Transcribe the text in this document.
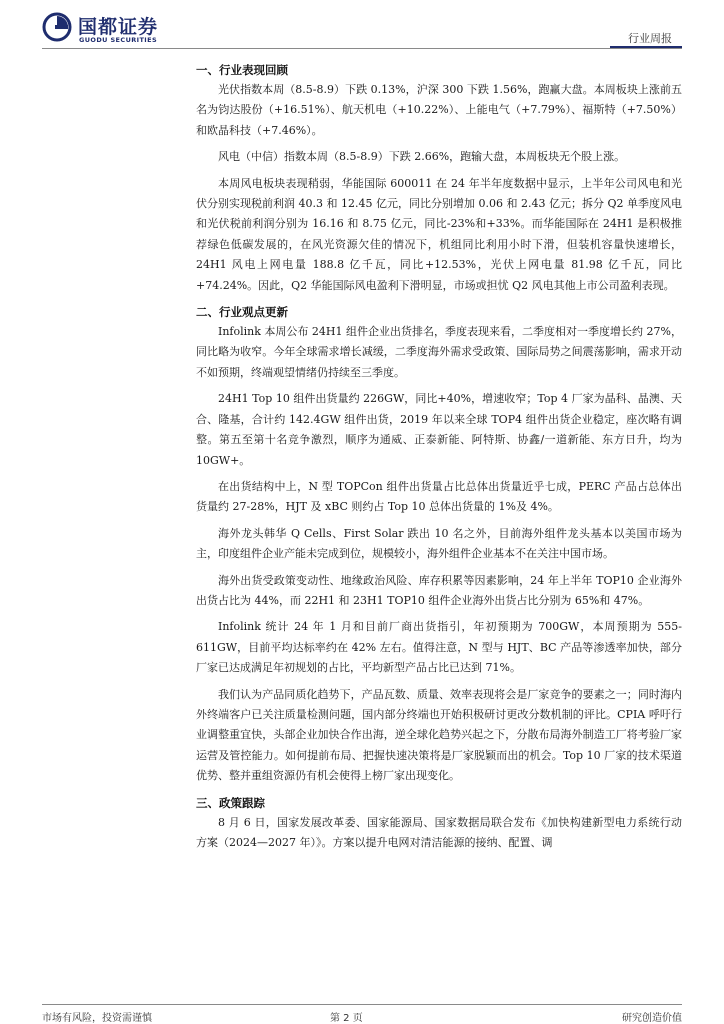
国都证券
GUODU SECURITIES	行业周报
一、行业表现回顾

光伏指数本周（8.5-8.9）下跌 0.13%，沪深 300 下跌 1.56%，跑赢大盘。本周板块上涨前五名为钧达股份（+16.51%）、航天机电（+10.22%）、上能电气（+7.79%）、福斯特（+7.50%）和欧晶科技（+7.46%）。

风电（中信）指数本周（8.5-8.9）下跌 2.66%，跑输大盘，本周板块无个股上涨。

本周风电板块表现稍弱，华能国际 600011 在 24 年半年度数据中显示，上半年公司风电和光伏分别实现税前利润 40.3 和 12.45 亿元，同比分别增加 0.06 和 2.43 亿元；拆分 Q2 单季度风电和光伏税前利润分别为 16.16 和 8.75 亿元，同比-23%和+33%。而华能国际在 24H1 是积极推荐绿色低碳发展的，在风光资源欠佳的情况下，机组同比利用小时下滑，但装机容量快速增长，24H1 风电上网电量 188.8 亿千瓦，同比+12.53%，光伏上网电量 81.98 亿千瓦，同比+74.24%。因此，Q2 华能国际风电盈利下滑明显，市场或担忧 Q2 风电其他上市公司盈利表现。

二、行业观点更新

Infolink 本周公布 24H1 组件企业出货排名，季度表现来看，二季度相对一季度增长约 27%，同比略为收窄。今年全球需求增长减缓，二季度海外需求受政策、国际局势之间震荡影响，需求开动不如预期，终端观望情绪仍持续至三季度。

24H1 Top 10 组件出货量约 226GW，同比+40%，增速收窄；Top 4 厂家为晶科、晶澳、天合、隆基，合计约 142.4GW 组件出货，2019 年以来全球 TOP4 组件出货企业稳定，座次略有调整。第五至第十名竞争激烈，顺序为通威、正泰新能、阿特斯、协鑫/一道新能、东方日升，均为 10GW+。

在出货结构中上，N 型 TOPCon 组件出货量占比总体出货量近乎七成，PERC 产品占总体出货量约 27-28%，HJT 及 xBC 则约占 Top 10 总体出货量的 1%及 4%。

海外龙头韩华 Q Cells、First Solar 跌出 10 名之外，目前海外组件龙头基本以美国市场为主，印度组件企业产能未完成到位，规模较小，海外组件企业基本不在关注中国市场。

海外出货受政策变动性、地缘政治风险、库存积累等因素影响，24 年上半年 TOP10 企业海外出货占比为 44%，而 22H1 和 23H1 TOP10 组件企业海外出货占比分别为 65%和 47%。

Infolink 统计 24 年 1 月和目前厂商出货指引，年初预期为 700GW，本周预期为 555-611GW，目前平均达标率约在 42% 左右。值得注意，N 型与 HJT、BC 产品等渗透率加快，部分厂家已达成满足年初规划的占比，平均新型产品占比已达到 71%。

我们认为产品同质化趋势下，产品瓦数、质量、效率表现将会是厂家竞争的要素之一；同时海内外终端客户已关注质量检测问题，国内部分终端也开始积极研讨更改分数机制的评比。CPIA 呼吁行业调整重宜快，头部企业加快合作出海，逆全球化趋势兴起之下，分散布局海外制造工厂将考验厂家运营及管控能力。如何提前布局、把握快速决策将是厂家脱颖而出的机会。Top 10 厂家的技术渠道优势、整并重组资源仍有机会使得上榜厂家出现变化。

三、政策跟踪

8 月 6 日，国家发展改革委、国家能源局、国家数据局联合发布《加快构建新型电力系统行动方案（2024—2027 年）》。方案以提升电网对清洁能源的接纳、配置、调

市场有风险，投资需谨慎	第 2 页	研究创造价值
